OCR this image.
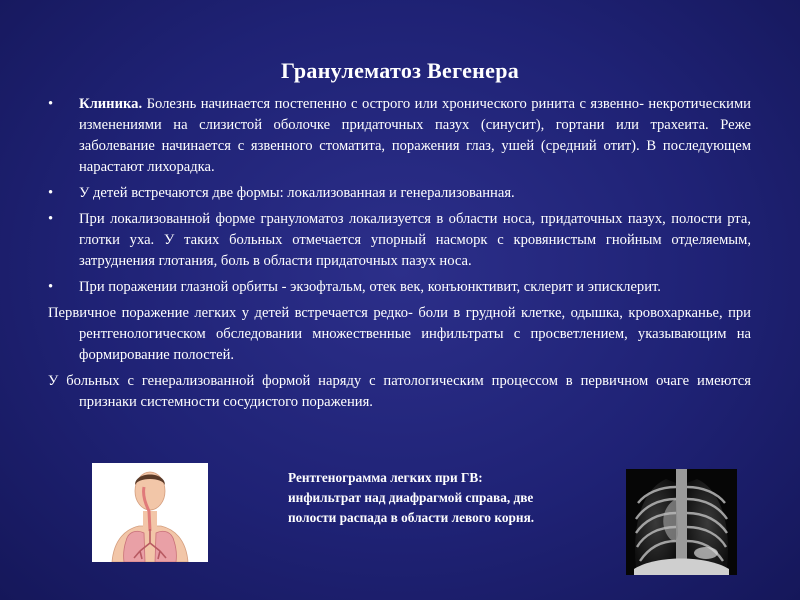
Гранулематоз Вегенера
• Клиника. Болезнь начинается постепенно с острого или хронического ринита с язвенно- некротическими изменениями на слизистой оболочке придаточных пазух (синусит), гортани или трахеита. Реже заболевание начинается с язвенного стоматита, поражения глаз, ушей (средний отит). В последующем нарастают лихорадка.
• У детей встречаются две формы: локализованная и генерализованная.
• При локализованной форме грануломатоз локализуется в области носа, придаточных пазух, полости рта, глотки уха. У таких больных отмечается упорный насморк с кровянистым гнойным отделяемым, затруднения глотания, боль в области придаточных пазух носа.
• При поражении глазной орбиты - экзофтальм, отек век, конъюнктивит, склерит и эписклерит.
Первичное поражение легких у детей встречается редко- боли в грудной клетке, одышка, кровохарканье, при рентгенологическом обследовании множественные инфильтраты с просветлением, указывающим на формирование полостей.
У больных с генерализованной формой наряду с патологическим процессом в первичном очаге имеются признаки системности сосудистого поражения.
Рентгенограмма легких при ГВ:
инфильтрат над диафрагмой справа, две
полости распада в области левого корня.
